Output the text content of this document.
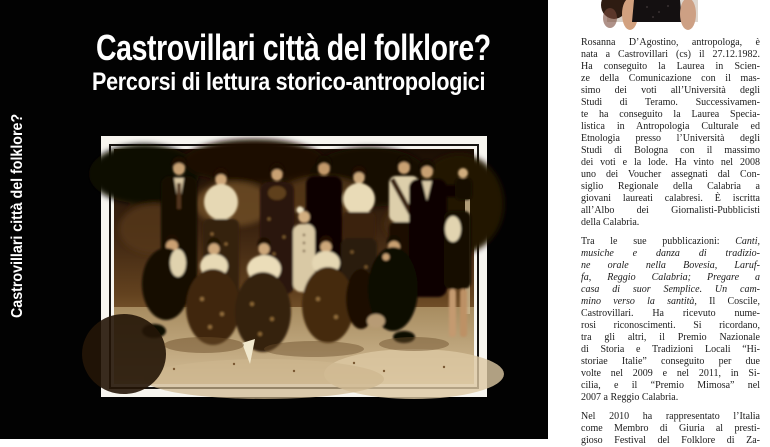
Castrovillari città del folklore?
Castrovillari città del folklore?
Percorsi di lettura storico-antropologici
Rosanna D’Agostino, antropologa, è
nata a Castrovillari (cs) il 27.12.1982.
Ha conseguito la Laurea in Scien-
ze della Comunicazione con il mas-
simo dei voti all’Università degli
Studi di Teramo. Successivamen-
te ha conseguito la Laurea Specia-
listica in Antropologia Culturale ed
Etnologia presso l’Università degli
Studi di Bologna con il massimo
dei voti e la lode. Ha vinto nel 2008
uno dei Voucher assegnati dal Con-
siglio Regionale della Calabria a
giovani laureati calabresi. È iscritta
all’Albo dei Giornalisti-Pubblicisti
della Calabria.
Tra le sue pubblicazioni: Canti,
musiche e danza di tradizio-
ne orale nella Bovesia, Laruf-
fa, Reggio Calabria; Pregare a
casa di suor Semplice. Un cam-
mino verso la santità, Il Coscile,
Castrovillari. Ha ricevuto nume-
rosi riconoscimenti. Si ricordano,
tra gli altri, il Premio Nazionale
di Storia e Tradizioni Locali “Hi-
storiae Italie” conseguito per due
volte nel 2009 e nel 2011, in Si-
cilia, e il “Premio Mimosa” nel
2007 a Reggio Calabria.
Nel 2010 ha rappresentato l’Italia
come Membro di Giuria al presti-
gioso Festival del Folklore di Za-
